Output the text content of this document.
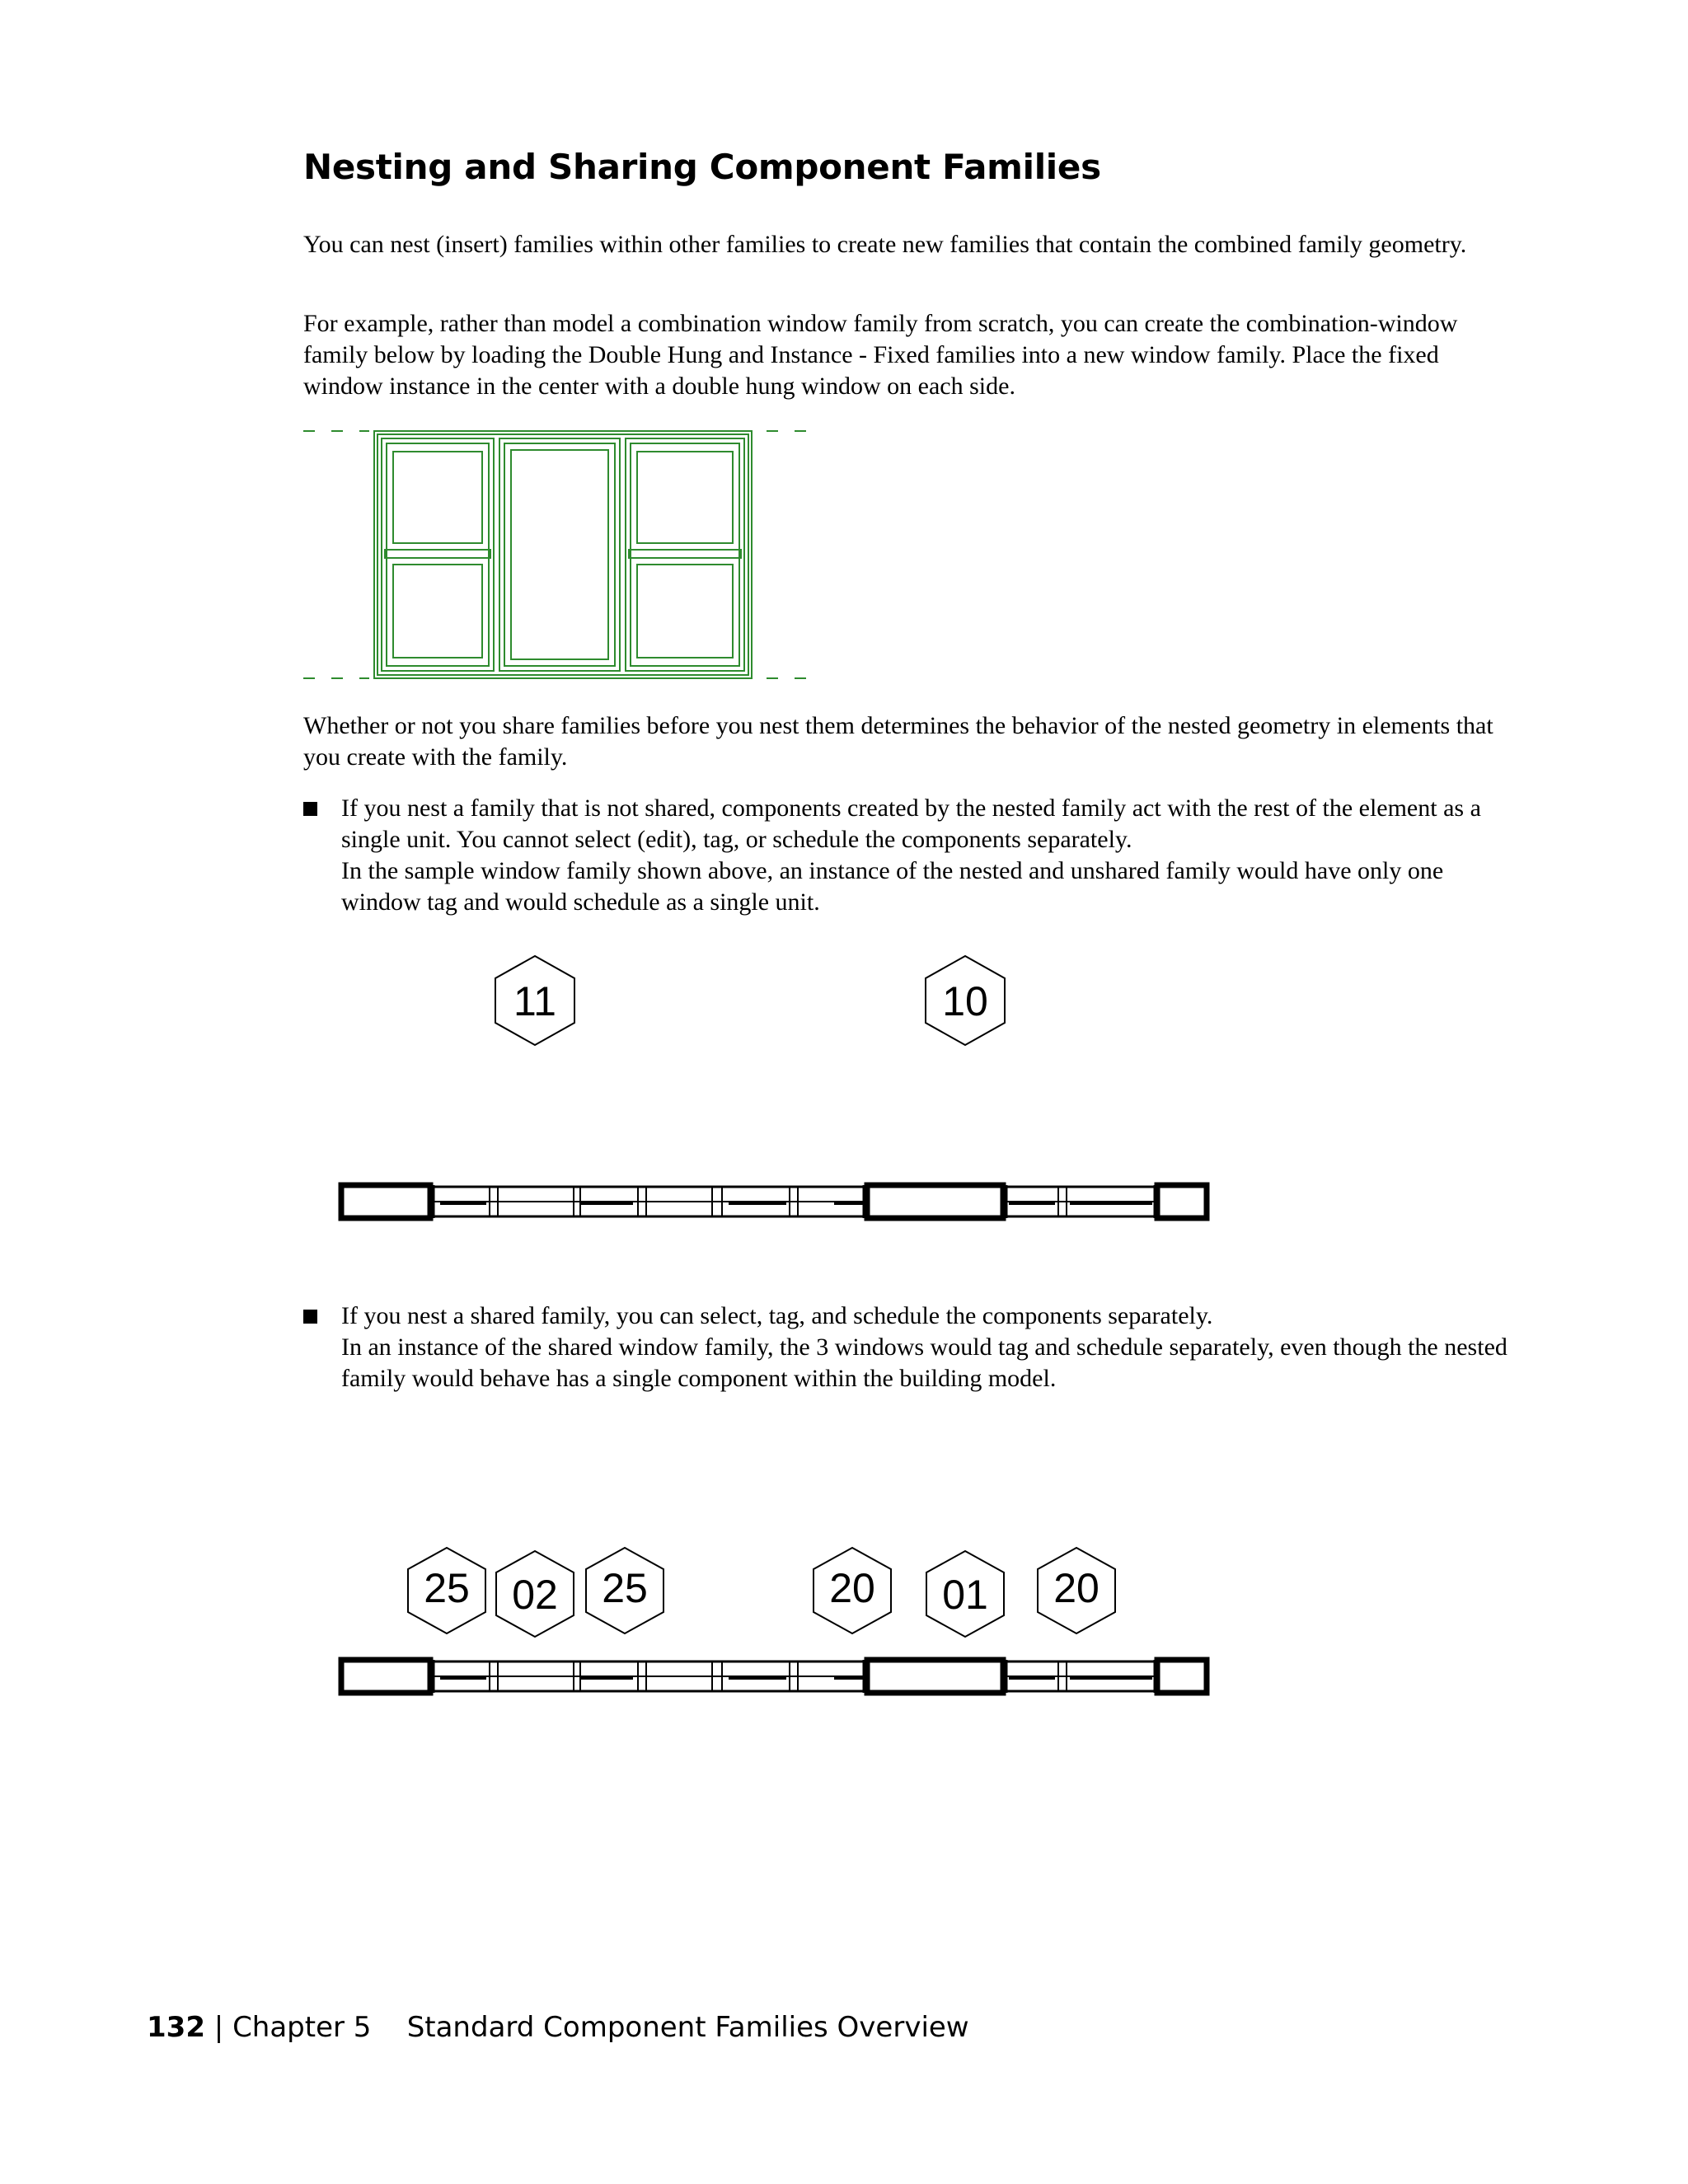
Nesting and Sharing Component Families

You can nest (insert) families within other families to create new families that contain the combined family geometry.

For example, rather than model a combination window family from scratch, you can create the combination-window family below by loading the Double Hung and Instance - Fixed families into a new window family. Place the fixed window instance in the center with a double hung window on each side.

Whether or not you share families before you nest them determines the behavior of the nested geometry in elements that you create with the family.

If you nest a family that is not shared, components created by the nested family act with the rest of the element as a single unit. You cannot select (edit), tag, or schedule the components separately.
In the sample window family shown above, an instance of the nested and unshared family would have only one window tag and would schedule as a single unit.

11	10

If you nest a shared family, you can select, tag, and schedule the components separately.
In an instance of the shared window family, the 3 windows would tag and schedule separately, even though the nested family would behave has a single component within the building model.

25 02 25	20 01 20

132 | Chapter 5 Standard Component Families Overview
